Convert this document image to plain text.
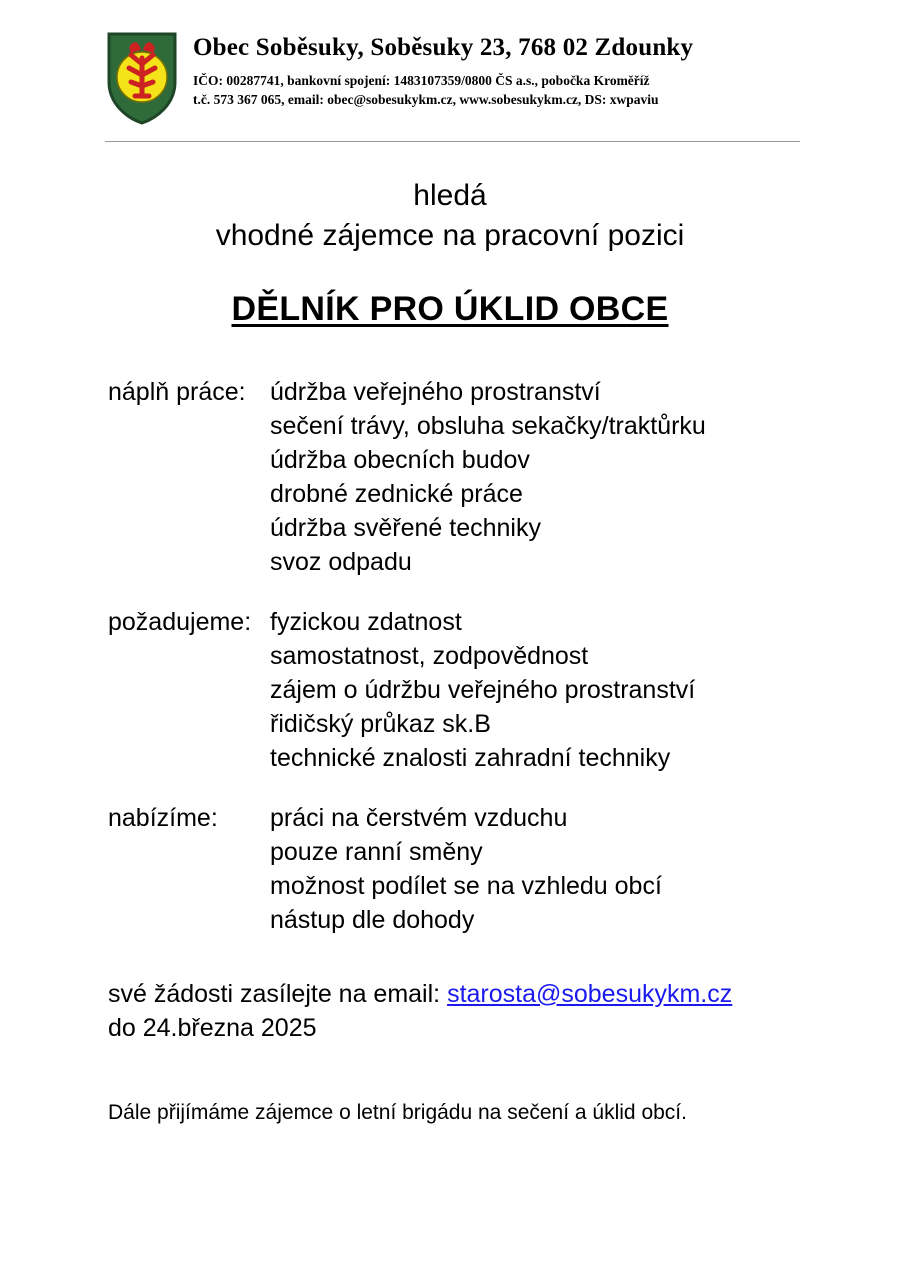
Obec Soběsuky, Soběsuky 23, 768 02 Zdounky
IČO: 00287741, bankovní spojení: 1483107359/0800 ČS a.s., pobočka Kroměříž
t.č. 573 367 065, email: obec@sobesukykm.cz, www.sobesukykm.cz, DS: xwpaviu
hledá
vhodné zájemce na pracovní pozici
DĚLNÍK PRO ÚKLID OBCE
náplň práce: údržba veřejného prostranství
sečení trávy, obsluha sekačky/traktůrku
údržba obecních budov
drobné zednické práce
údržba svěřené techniky
svoz odpadu
požadujeme: fyzickou zdatnost
samostatnost, zodpovědnost
zájem o údržbu veřejného prostranství
řidičský průkaz sk.B
technické znalosti zahradní techniky
nabízíme:	práci na čerstvém vzduchu
pouze ranní směny
možnost podílet se na vzhledu obcí
nástup dle dohody
své žádosti zasílejte na email: starosta@sobesukykm.cz
do 24.března 2025
Dále přijímáme zájemce o letní brigádu na sečení a úklid obcí.
